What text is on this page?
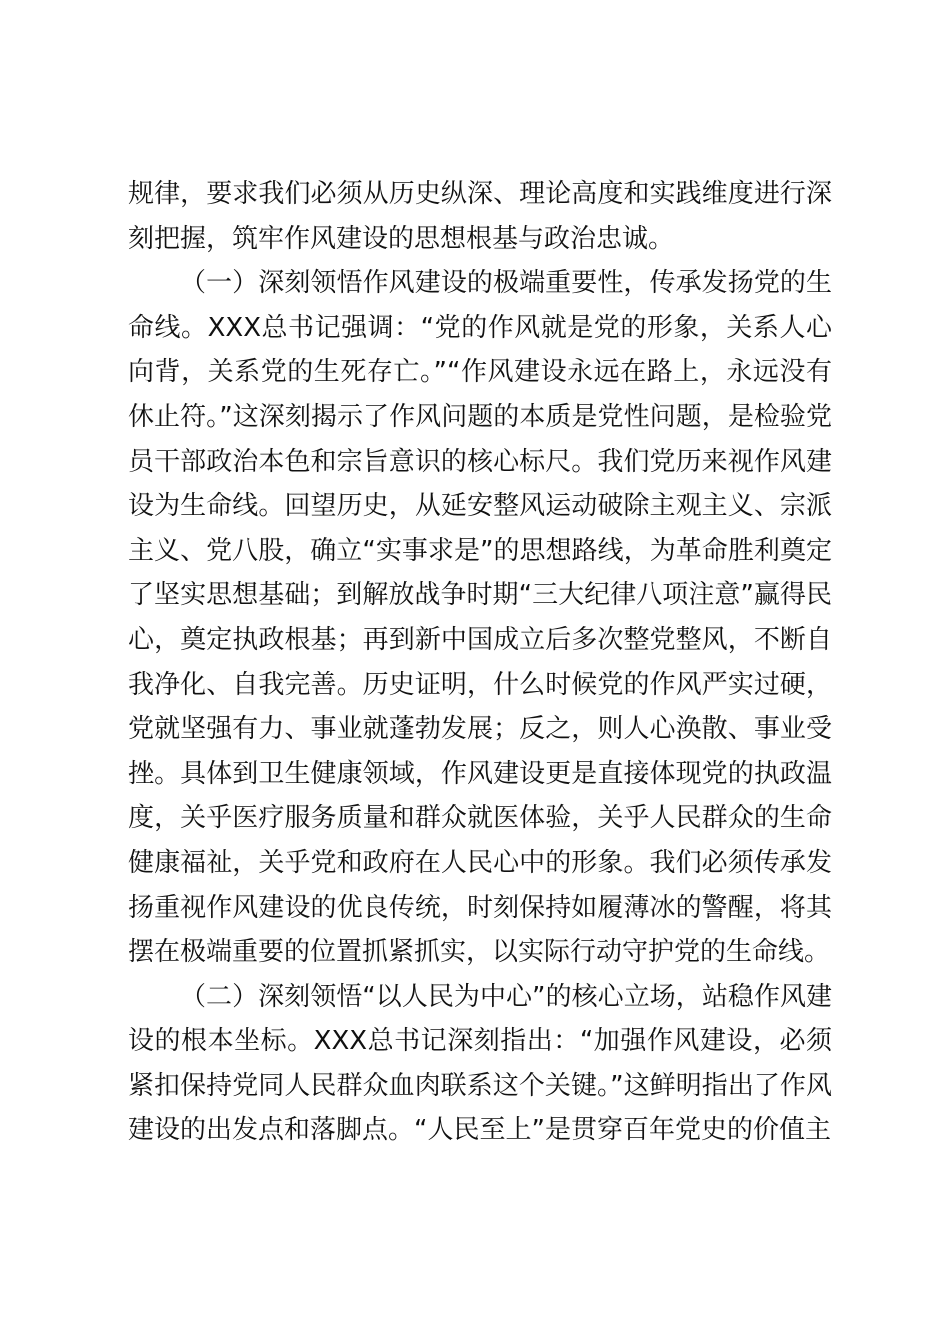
规律，要求我们必须从历史纵深、理论高度和实践维度进行深刻把握，筑牢作风建设的思想根基与政治忠诚。

（一）深刻领悟作风建设的极端重要性，传承发扬党的生命线。XXX总书记强调：“党的作风就是党的形象，关系人心向背，关系党的生死存亡。”“作风建设永远在路上，永远没有休止符。”这深刻揭示了作风问题的本质是党性问题，是检验党员干部政治本色和宗旨意识的核心标尺。我们党历来视作风建设为生命线。回望历史，从延安整风运动破除主观主义、宗派主义、党八股，确立“实事求是”的思想路线，为革命胜利奠定了坚实思想基础；到解放战争时期“三大纪律八项注意”赢得民心，奠定执政根基；再到新中国成立后多次整党整风，不断自我净化、自我完善。历史证明，什么时候党的作风严实过硬，党就坚强有力、事业就蓬勃发展；反之，则人心涣散、事业受挫。具体到卫生健康领域，作风建设更是直接体现党的执政温度，关乎医疗服务质量和群众就医体验，关乎人民群众的生命健康福祉，关乎党和政府在人民心中的形象。我们必须传承发扬重视作风建设的优良传统，时刻保持如履薄冰的警醒，将其摆在极端重要的位置抓紧抓实，以实际行动守护党的生命线。

（二）深刻领悟“以人民为中心”的核心立场，站稳作风建设的根本坐标。XXX总书记深刻指出：“加强作风建设，必须紧扣保持党同人民群众血肉联系这个关键。”这鲜明指出了作风建设的出发点和落脚点。“人民至上”是贯穿百年党史的价值主
